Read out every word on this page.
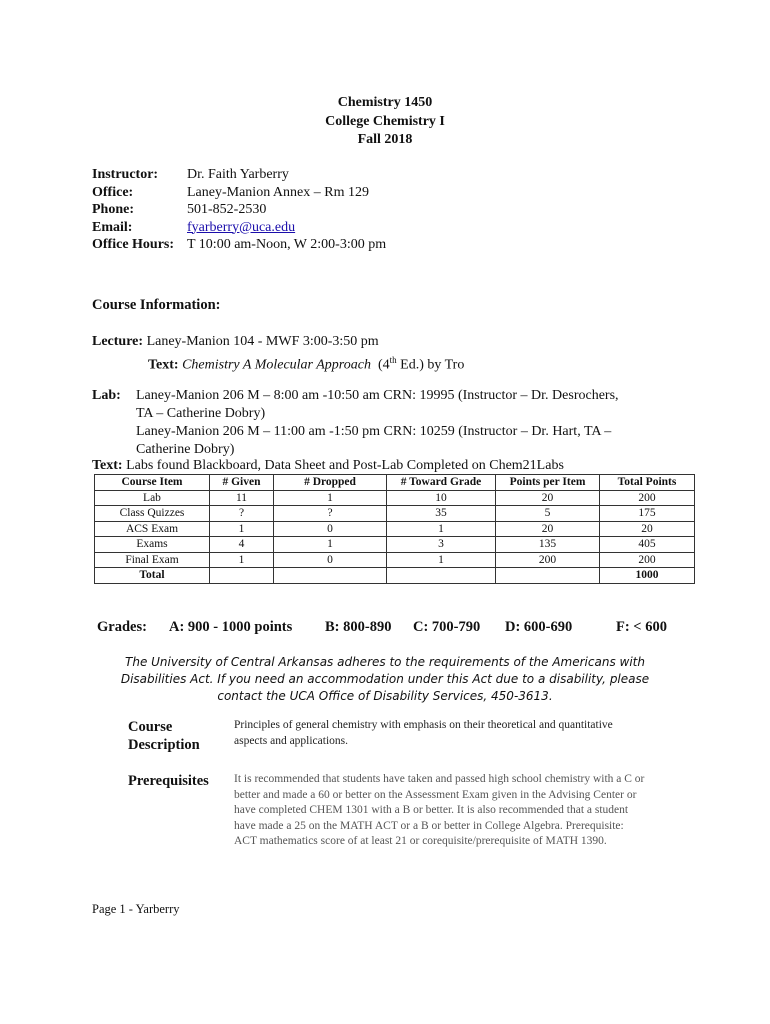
Chemistry 1450
College Chemistry I
Fall 2018
Instructor:	Dr. Faith Yarberry
Office:	Laney-Manion Annex – Rm 129
Phone:	501-852-2530
Email:	fyarberry@uca.edu
Office Hours: T 10:00 am-Noon, W 2:00-3:00 pm
Course Information:
Lecture: Laney-Manion 104 - MWF 3:00-3:50 pm
Text: Chemistry A Molecular Approach (4th Ed.) by Tro
Lab:	Laney-Manion 206 M – 8:00 am -10:50 am CRN: 19995 (Instructor – Dr. Desrochers,
TA – Catherine Dobry)
Laney-Manion 206 M – 11:00 am -1:50 pm CRN: 10259 (Instructor – Dr. Hart, TA –
Catherine Dobry)
Text: Labs found Blackboard, Data Sheet and Post-Lab Completed on Chem21Labs
Course Item	# Given	# Dropped	# Toward Grade	Points per Item	Total Points
Lab	11	1	10	20	200
Class Quizzes	?	?	35	5	175
ACS Exam	1	0	1	20	20
Exams	4	1	3	135	405
Final Exam	1	0	1	200	200
Total					1000
Grades: A: 900 - 1000 points B: 800-890 C: 700-790 D: 600-690	F: < 600
The University of Central Arkansas adheres to the requirements of the Americans with
Disabilities Act. If you need an accommodation under this Act due to a disability, please
contact the UCA Office of Disability Services, 450-3613.
Course
Description
Principles of general chemistry with emphasis on their theoretical and quantitative aspects and applications.
Prerequisites	It is recommended that students have taken and passed high school chemistry with a C or better and made a 60 or better on the Assessment Exam given in the Advising Center or have completed CHEM 1301 with a B or better. It is also recommended that a student have made a 25 on the MATH ACT or a B or better in College Algebra. Prerequisite: ACT mathematics score of at least 21 or corequisite/prerequisite of MATH 1390.
Page 1 - Yarberry
